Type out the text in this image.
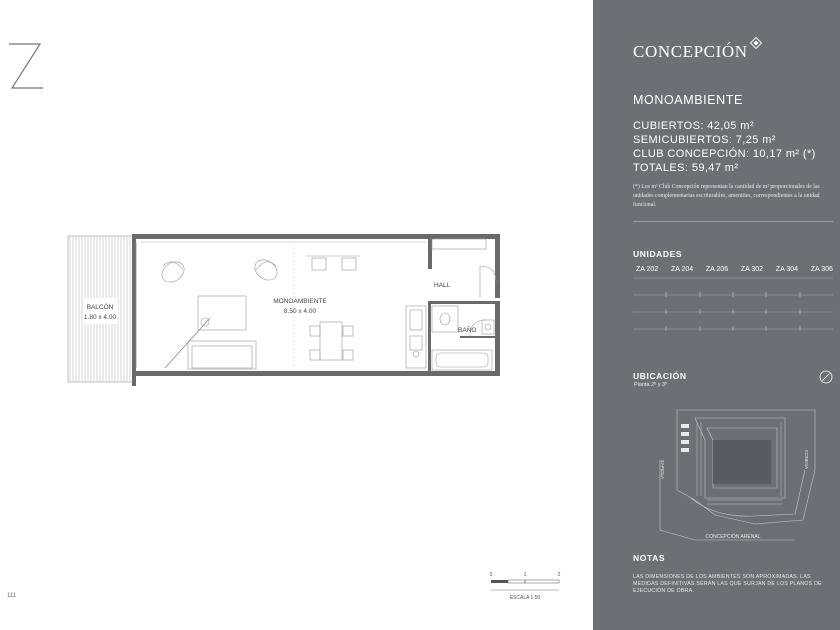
BALCÓN
1.80 x 4.00
MONOAMBIENTE
8.50 x 4.00
HALL
BAÑO
0	1	2
ESCALA 1:50
111
CONCEPCIÓN
MONOAMBIENTE
CUBIERTOS: 42,05 m²
SEMICUBIERTOS: 7,25 m²
CLUB CONCEPCIÓN: 10,17 m² (*)
TOTALES: 59,47 m²
(*) Los m² Club Concepción representan la cantidad de m² proporcionales de las unidades complementarias escriturables, amenities, correspondientes a la unidad funcional.
UNIDADES
ZA 202	ZA 204	ZA 206	ZA 302	ZA 304	ZA 306
UBICACIÓN
Planta 2º y 3º
ZAPIOLA
CONESA
CONCEPCIÓN ARENAL
NOTAS
LAS DIMENSIONES DE LOS AMBIENTES SON APROXIMADAS. LAS MEDIDAS DEFINITIVAS SERÁN LAS QUE SURJAN DE LOS PLANOS DE EJECUCIÓN DE OBRA.
